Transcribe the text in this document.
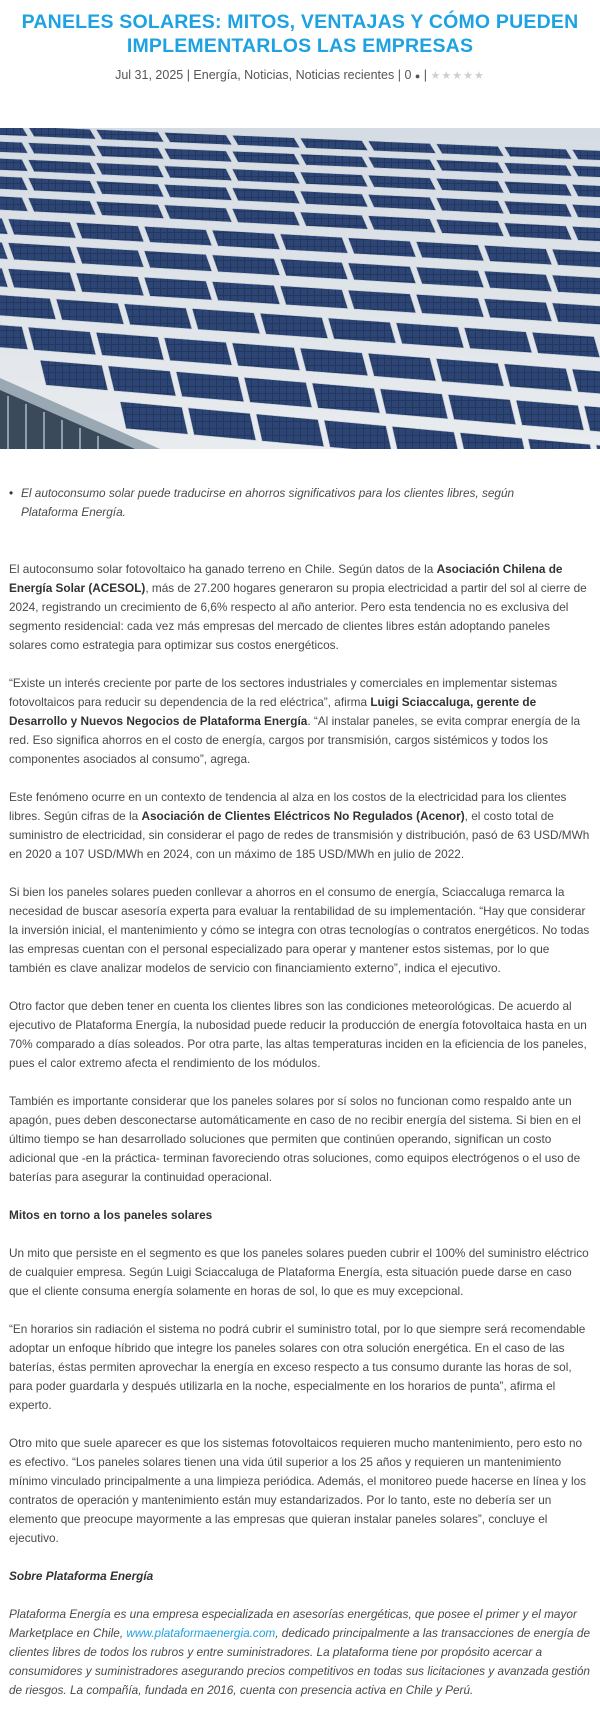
PANELES SOLARES: MITOS, VENTAJAS Y CÓMO PUEDEN IMPLEMENTARLOS LAS EMPRESAS
Jul 31, 2025 | Energía, Noticias, Noticias recientes | 0 ● | ★★★★★
• El autoconsumo solar puede traducirse en ahorros significativos para los clientes libres, según Plataforma Energía.

El autoconsumo solar fotovoltaico ha ganado terreno en Chile. Según datos de la Asociación Chilena de Energía Solar (ACESOL), más de 27.200 hogares generaron su propia electricidad a partir del sol al cierre de 2024, registrando un crecimiento de 6,6% respecto al año anterior. Pero esta tendencia no es exclusiva del segmento residencial: cada vez más empresas del mercado de clientes libres están adoptando paneles solares como estrategia para optimizar sus costos energéticos.

“Existe un interés creciente por parte de los sectores industriales y comerciales en implementar sistemas fotovoltaicos para reducir su dependencia de la red eléctrica”, afirma Luigi Sciaccaluga, gerente de Desarrollo y Nuevos Negocios de Plataforma Energía. “Al instalar paneles, se evita comprar energía de la red. Eso significa ahorros en el costo de energía, cargos por transmisión, cargos sistémicos y todos los componentes asociados al consumo”, agrega.

Este fenómeno ocurre en un contexto de tendencia al alza en los costos de la electricidad para los clientes libres. Según cifras de la Asociación de Clientes Eléctricos No Regulados (Acenor), el costo total de suministro de electricidad, sin considerar el pago de redes de transmisión y distribución, pasó de 63 USD/MWh en 2020 a 107 USD/MWh en 2024, con un máximo de 185 USD/MWh en julio de 2022.

Si bien los paneles solares pueden conllevar a ahorros en el consumo de energía, Sciaccaluga remarca la necesidad de buscar asesoría experta para evaluar la rentabilidad de su implementación. “Hay que considerar la inversión inicial, el mantenimiento y cómo se integra con otras tecnologías o contratos energéticos. No todas las empresas cuentan con el personal especializado para operar y mantener estos sistemas, por lo que también es clave analizar modelos de servicio con financiamiento externo”, indica el ejecutivo.

Otro factor que deben tener en cuenta los clientes libres son las condiciones meteorológicas. De acuerdo al ejecutivo de Plataforma Energía, la nubosidad puede reducir la producción de energía fotovoltaica hasta en un 70% comparado a días soleados. Por otra parte, las altas temperaturas inciden en la eficiencia de los paneles, pues el calor extremo afecta el rendimiento de los módulos.

También es importante considerar que los paneles solares por sí solos no funcionan como respaldo ante un apagón, pues deben desconectarse automáticamente en caso de no recibir energía del sistema. Si bien en el último tiempo se han desarrollado soluciones que permiten que continúen operando, significan un costo adicional que -en la práctica- terminan favoreciendo otras soluciones, como equipos electrógenos o el uso de baterías para asegurar la continuidad operacional.

Mitos en torno a los paneles solares

Un mito que persiste en el segmento es que los paneles solares pueden cubrir el 100% del suministro eléctrico de cualquier empresa. Según Luigi Sciaccaluga de Plataforma Energía, esta situación puede darse en caso que el cliente consuma energía solamente en horas de sol, lo que es muy excepcional.

“En horarios sin radiación el sistema no podrá cubrir el suministro total, por lo que siempre será recomendable adoptar un enfoque híbrido que integre los paneles solares con otra solución energética. En el caso de las baterías, éstas permiten aprovechar la energía en exceso respecto a tus consumo durante las horas de sol, para poder guardarla y después utilizarla en la noche, especialmente en los horarios de punta”, afirma el experto.

Otro mito que suele aparecer es que los sistemas fotovoltaicos requieren mucho mantenimiento, pero esto no es efectivo. “Los paneles solares tienen una vida útil superior a los 25 años y requieren un mantenimiento mínimo vinculado principalmente a una limpieza periódica. Además, el monitoreo puede hacerse en línea y los contratos de operación y mantenimiento están muy estandarizados. Por lo tanto, este no debería ser un elemento que preocupe mayormente a las empresas que quieran instalar paneles solares”, concluye el ejecutivo.

Sobre Plataforma Energía

Plataforma Energía es una empresa especializada en asesorías energéticas, que posee el primer y el mayor Marketplace en Chile, www.plataformaenergia.com, dedicado principalmente a las transacciones de energía de clientes libres de todos los rubros y entre suministradores. La plataforma tiene por propósito acercar a consumidores y suministradores asegurando precios competitivos en todas sus licitaciones y avanzada gestión de riesgos. La compañía, fundada en 2016, cuenta con presencia activa en Chile y Perú.
